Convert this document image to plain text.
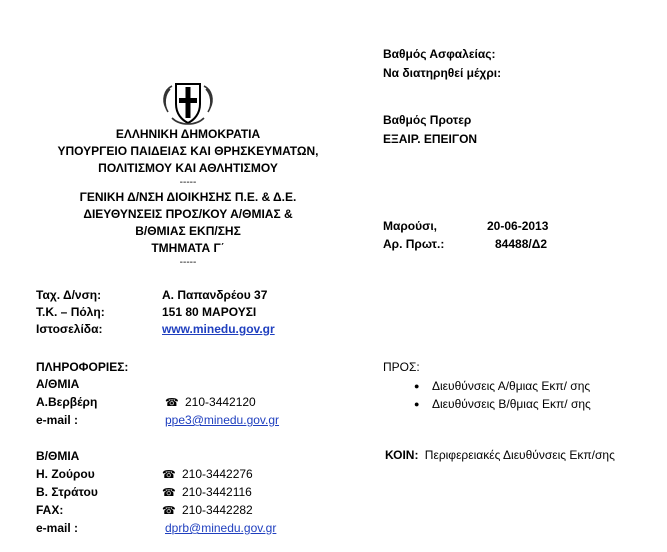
ΕΛΛΗΝΙΚΗ ΔΗΜΟΚΡΑΤΙΑ
ΥΠΟΥΡΓΕΙΟ ΠΑΙΔΕΙΑΣ ΚΑΙ ΘΡΗΣΚΕΥΜΑΤΩΝ,
ΠΟΛΙΤΙΣΜΟΥ ΚΑΙ ΑΘΛΗΤΙΣΜΟΥ
-----
ΓΕΝΙΚΗ Δ/ΝΣΗ ΔΙΟΙΚΗΣΗΣ Π.Ε. & Δ.Ε.
ΔΙΕΥΘΥΝΣΕΙΣ ΠΡΟΣ/ΚΟΥ Α/ΘΜΙΑΣ &
Β/ΘΜΙΑΣ ΕΚΠ/ΣΗΣ
ΤΜΗΜΑΤΑ Γ΄
-----
Βαθμός Ασφαλείας:
Να διατηρηθεί μέχρι:
Βαθμός Προτερ
ΕΞΑΙΡ. ΕΠΕΙΓΟΝ
Μαρούσι,	20-06-2013
Αρ. Πρωτ.:	84488/Δ2
Ταχ. Δ/νση:	Α. Παπανδρέου 37
Τ.Κ. – Πόλη:	151 80 ΜΑΡΟΥΣΙ
Ιστοσελίδα:	www.minedu.gov.gr
ΠΛΗΡΟΦΟΡΙΕΣ:
Α/ΘΜΙΑ
Α.Βερβέρη	☎ 210-3442120
e-mail :	ppe3@minedu.gov.gr
Β/ΘΜΙΑ
Η. Ζούρου	☎ 210-3442276
Β. Στράτου	☎ 210-3442116
FAX:	☎ 210-3442282
e-mail :	dprb@minedu.gov.gr
ΠΡΟΣ:
● Διευθύνσεις Α/θμιας Εκπ/ σης
● Διευθύνσεις Β/θμιας Εκπ/ σης
ΚΟΙΝ: Περιφερειακές Διευθύνσεις Εκπ/σης
